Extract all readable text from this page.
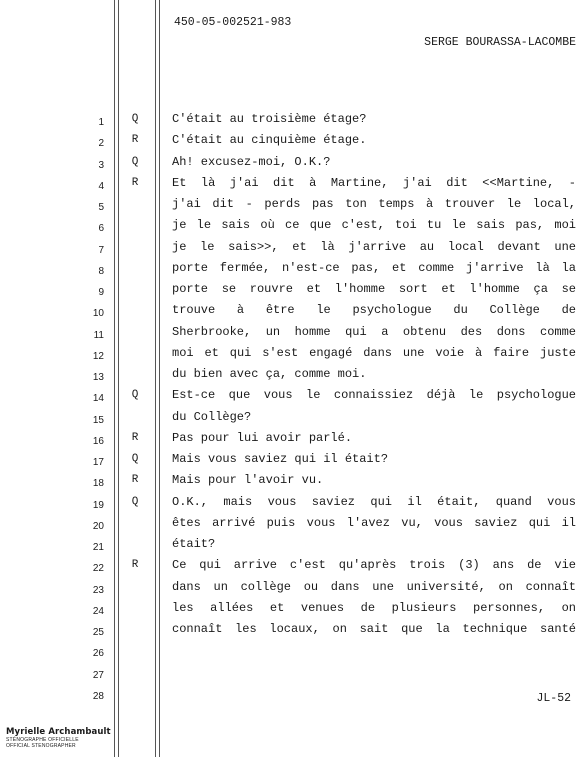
450-05-002521-983
SERGE BOURASSA-LACOMBE
1	Q	C'était au troisième étage?
2	R	C'était au cinquième étage.
3	Q	Ah! excusez-moi, O.K.?
4	R	Et là j'ai dit à Martine, j'ai dit <<Martine, -
5	j'ai dit - perds pas ton temps à trouver le local,
6	je le sais où ce que c'est, toi tu le sais pas, moi
7	je le sais>>, et là j'arrive au local devant une
8	porte fermée, n'est-ce pas, et comme j'arrive là la
9	porte se rouvre et l'homme sort et l'homme ça se
10	trouve à être le psychologue du Collège de
11	Sherbrooke, un homme qui a obtenu des dons comme
12	moi et qui s'est engagé dans une voie à faire juste
13	du bien avec ça, comme moi.
14	Q	Est-ce que vous le connaissiez déjà le psychologue
15	du Collège?
16	R	Pas pour lui avoir parlé.
17	Q	Mais vous saviez qui il était?
18	R	Mais pour l'avoir vu.
19	Q	O.K., mais vous saviez qui il était, quand vous
20	êtes arrivé puis vous l'avez vu, vous saviez qui il
21	était?
22	R	Ce qui arrive c'est qu'après trois (3) ans de vie
23	dans un collège ou dans une université, on connaît
24	les allées et venues de plusieurs personnes, on
25	connaît les locaux, on sait que la technique santé
26
27
28	JL-52
Myrielle Archambault
STÉNOGRAPHE OFFICIELLE
OFFICIAL STENOGRAPHER
